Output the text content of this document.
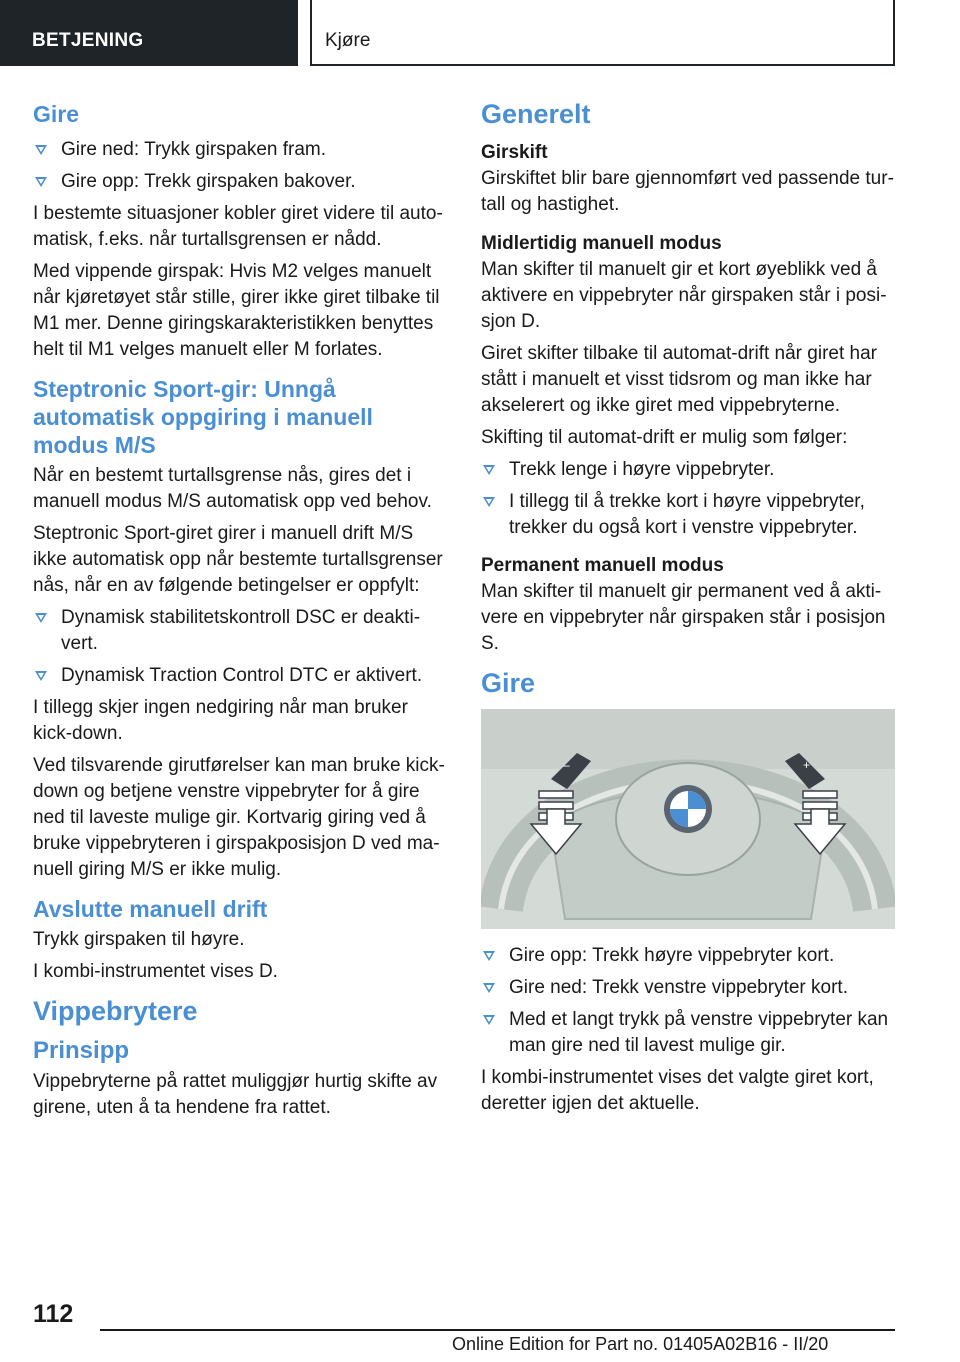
BETJENING	Kjøre
Gire
Gire ned: Trykk girspaken fram.
Gire opp: Trekk girspaken bakover.
I bestemte situasjoner kobler giret videre til automatisk, f.eks. når turtallsgrensen er nådd.
Med vippende girspak: Hvis M2 velges manuelt når kjøretøyet står stille, girer ikke giret tilbake til M1 mer. Denne giringskarakteristikken benyttes helt til M1 velges manuelt eller M forlates.
Steptronic Sport-gir: Unngå automatisk oppgiring i manuell modus M/S
Når en bestemt turtallsgrense nås, gires det i manuell modus M/S automatisk opp ved behov.
Steptronic Sport-giret girer i manuell drift M/S ikke automatisk opp når bestemte turtallsgrenser nås, når en av følgende betingelser er oppfylt:
Dynamisk stabilitetskontroll DSC er deaktivert.
Dynamisk Traction Control DTC er aktivert.
I tillegg skjer ingen nedgiring når man bruker kick-down.
Ved tilsvarende girutførelser kan man bruke kickdown og betjene venstre vippebryter for å gire ned til laveste mulige gir. Kortvarig giring ved å bruke vippebryteren i girspakposisjon D ved manuell giring M/S er ikke mulig.
Avslutte manuell drift
Trykk girspaken til høyre.
I kombi-instrumentet vises D.
Vippebrytere
Prinsipp
Vippebryterne på rattet muliggjør hurtig skifte av girene, uten å ta hendene fra rattet.
Generelt
Girskift
Girskiftet blir bare gjennomført ved passende turtall og hastighet.
Midlertidig manuell modus
Man skifter til manuelt gir et kort øyeblikk ved å aktivere en vippebryter når girspaken står i posisjon D.
Giret skifter tilbake til automat-drift når giret har stått i manuelt et visst tidsrom og man ikke har akselerert og ikke giret med vippebryterne.
Skifting til automat-drift er mulig som følger:
Trekk lenge i høyre vippebryter.
I tillegg til å trekke kort i høyre vippebryter, trekker du også kort i venstre vippebryter.
Permanent manuell modus
Man skifter til manuelt gir permanent ved å aktivere en vippebryter når girspaken står i posisjon S.
Gire
–	+
Gire opp: Trekk høyre vippebryter kort.
Gire ned: Trekk venstre vippebryter kort.
Med et langt trykk på venstre vippebryter kan man gire ned til lavest mulige gir.
I kombi-instrumentet vises det valgte giret kort, deretter igjen det aktuelle.
112
Online Edition for Part no. 01405A02B16 - II/20
